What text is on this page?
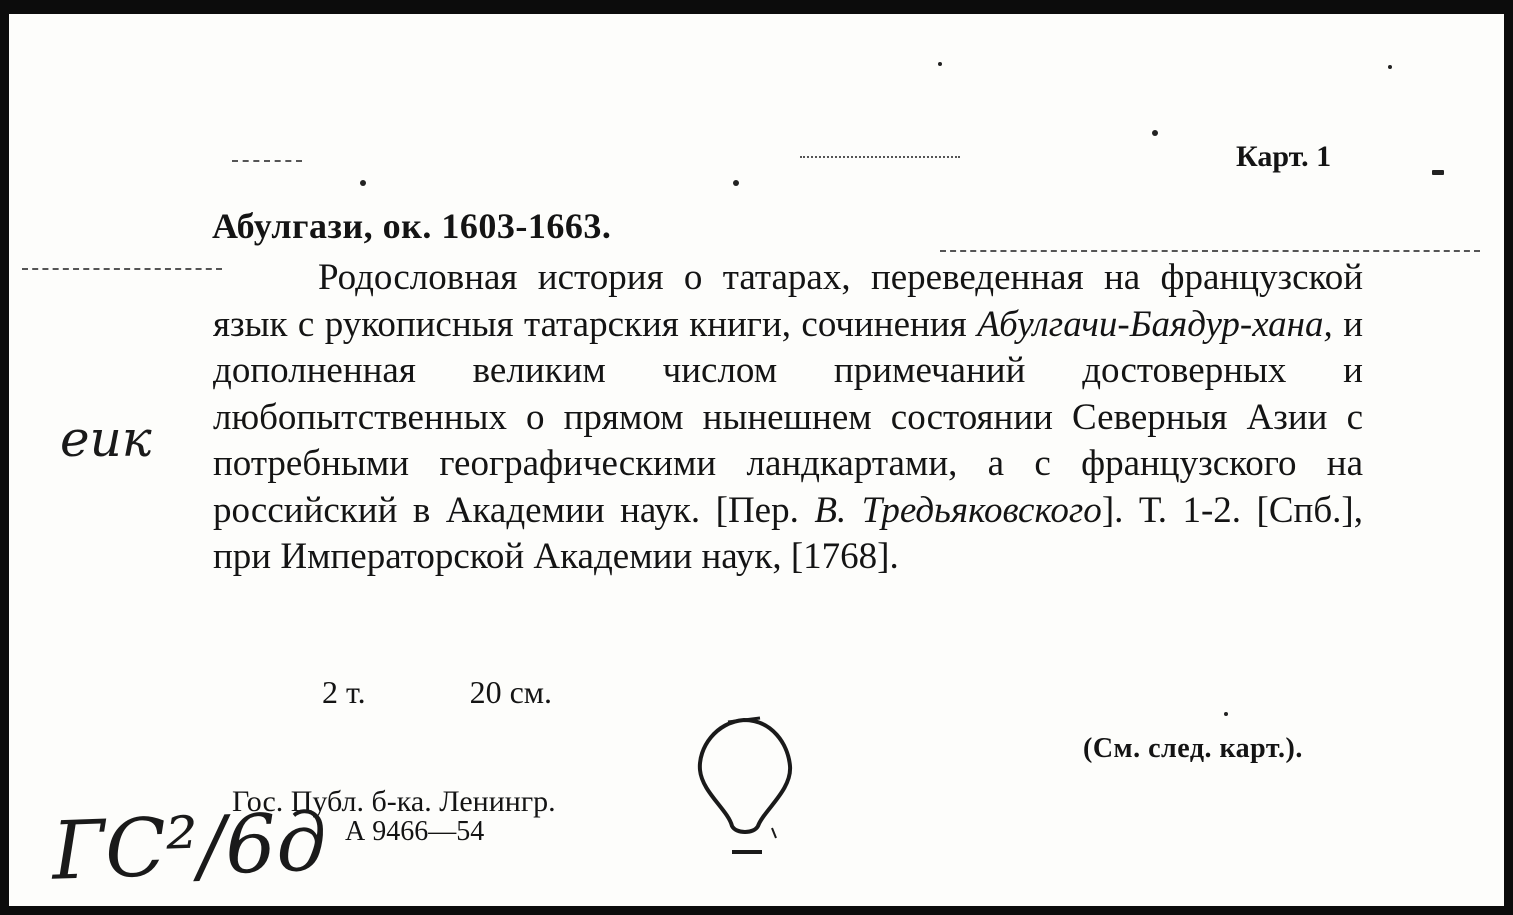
Карт. 1
Абулгази, ок. 1603-1663.
Родословная история о татарах, переведенная на французской язык с рукописныя татарския книги, сочинения Абулгачи-Баядур-хана, и дополненная великим числом примечаний достоверных и любопытственных о прямом нынешнем состоянии Северныя Азии с потребными географическими ландкартами, а с французского на российский в Академии наук. [Пер. В. Тредьяковского]. Т. 1-2. [Спб.], при Императорской Академии наук, [1768].
2 т.	20 см.
(См. след. карт.).
Гос. Публ. б-ка. Ленингр.
А 9466—54
еик
ГС²/6д
